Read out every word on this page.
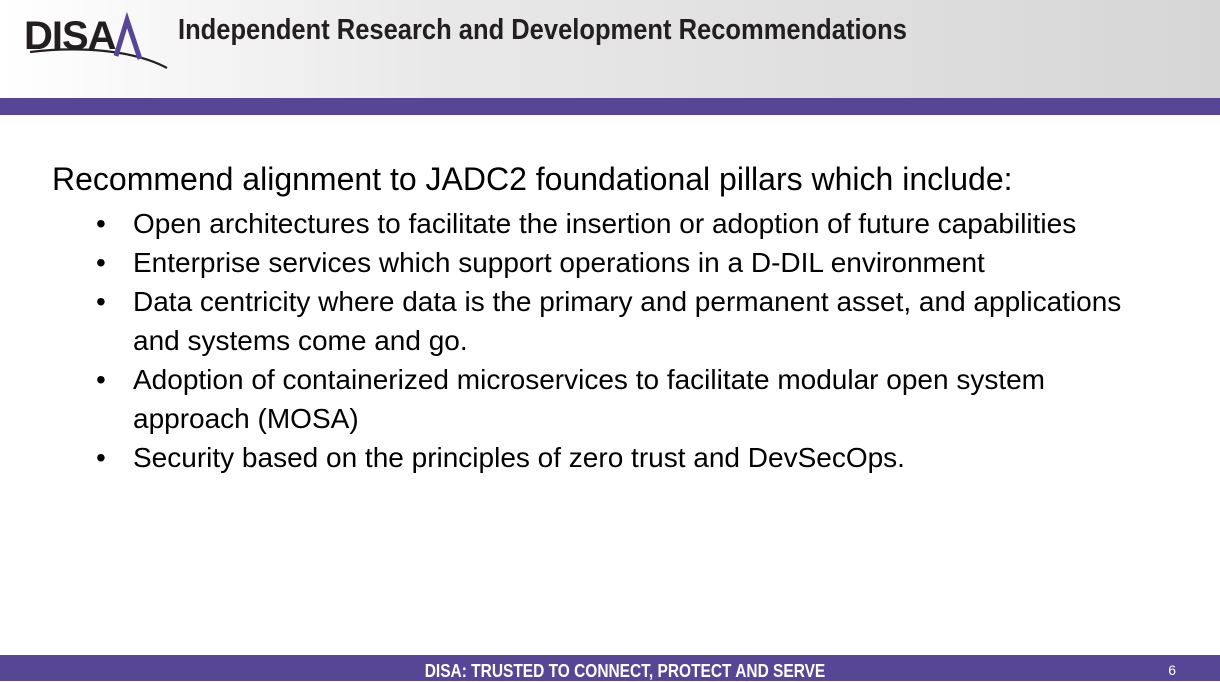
DISA Independent Research and Development Recommendations

Recommend alignment to JADC2 foundational pillars which include:

• Open architectures to facilitate the insertion or adoption of future capabilities
• Enterprise services which support operations in a D-DIL environment
• Data centricity where data is the primary and permanent asset, and applications and systems come and go.
• Adoption of containerized microservices to facilitate modular open system approach (MOSA)
• Security based on the principles of zero trust and DevSecOps.
DISA: TRUSTED TO CONNECT, PROTECT AND SERVE	6
